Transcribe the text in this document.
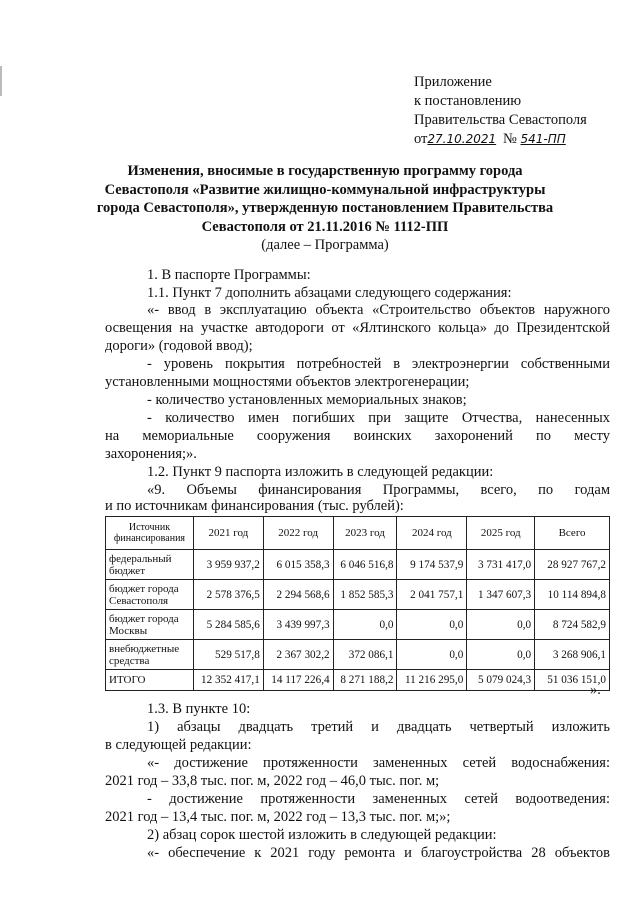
Приложение
к постановлению
Правительства Севастополя
от27.10.2021 № 541-ПП
Изменения, вносимые в государственную программу города
Севастополя «Развитие жилищно-коммунальной инфраструктуры
города Севастополя», утвержденную постановлением Правительства
Севастополя от 21.11.2016 № 1112-ПП
(далее – Программа)
1. В паспорте Программы:
1.1. Пункт 7 дополнить абзацами следующего содержания:
«- ввод в эксплуатацию объекта «Строительство объектов наружного
освещения на участке автодороги от «Ялтинского кольца» до Президентской
дороги» (годовой ввод);
- уровень покрытия потребностей в электроэнергии собственными
установленными мощностями объектов электрогенерации;
- количество установленных мемориальных знаков;
- количество имен погибших при защите Отчества, нанесенных
на мемориальные сооружения воинских захоронений по месту
захоронения;».
1.2. Пункт 9 паспорта изложить в следующей редакции:
«9. Объемы финансирования Программы, всего, по годам
и по источникам финансирования (тыс. рублей):
Источник финансирования	2021 год	2022 год	2023 год	2024 год	2025 год	Всего
федеральный бюджет	3 959 937,2	6 015 358,3	6 046 516,8	9 174 537,9	3 731 417,0	28 927 767,2
бюджет города Севастополя	2 578 376,5	2 294 568,6	1 852 585,3	2 041 757,1	1 347 607,3	10 114 894,8
бюджет города Москвы	5 284 585,6	3 439 997,3	0,0	0,0	0,0	8 724 582,9
внебюджетные средства	529 517,8	2 367 302,2	372 086,1	0,0	0,0	3 268 906,1
ИТОГО	12 352 417,1	14 117 226,4	8 271 188,2	11 216 295,0	5 079 024,3	51 036 151,0
».
1.3. В пункте 10:
1) абзацы двадцать третий и двадцать четвертый изложить
в следующей редакции:
«- достижение протяженности замененных сетей водоснабжения:
2021 год – 33,8 тыс. пог. м, 2022 год – 46,0 тыс. пог. м;
- достижение протяженности замененных сетей водоотведения:
2021 год – 13,4 тыс. пог. м, 2022 год – 13,3 тыс. пог. м;»;
2) абзац сорок шестой изложить в следующей редакции:
«- обеспечение к 2021 году ремонта и благоустройства 28 объектов
